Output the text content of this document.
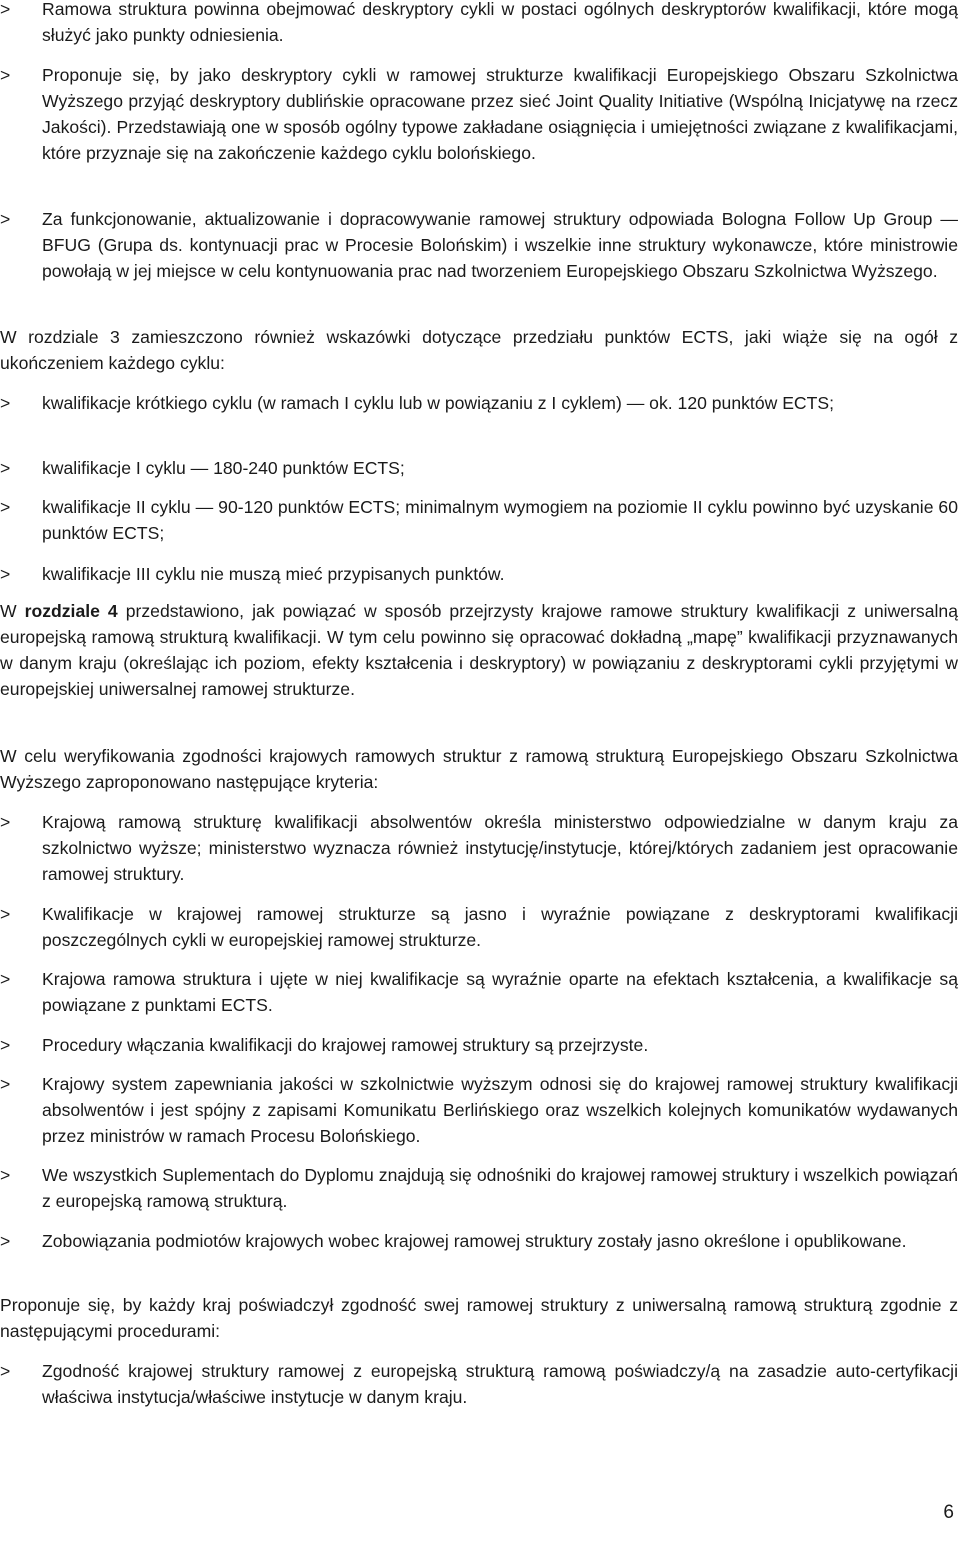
>	Ramowa struktura powinna obejmować deskryptory cykli w postaci ogólnych deskryptorów kwalifikacji, które mogą służyć jako punkty odniesienia.
>	Proponuje się, by jako deskryptory cykli w ramowej strukturze kwalifikacji Europejskiego Obszaru Szkolnictwa Wyższego przyjąć deskryptory dublińskie opracowane przez sieć Joint Quality Initiative (Wspólną Inicjatywę na rzecz Jakości). Przedstawiają one w sposób ogólny typowe zakładane osiągnięcia i umiejętności związane z kwalifikacjami, które przyznaje się na zakończenie każdego cyklu bolońskiego.
>	Za funkcjonowanie, aktualizowanie i dopracowywanie ramowej struktury odpowiada Bologna Follow Up Group — BFUG (Grupa ds. kontynuacji prac w Procesie Bolońskim) i wszelkie inne struktury wykonawcze, które ministrowie powołają w jej miejsce w celu kontynuowania prac nad tworzeniem Europejskiego Obszaru Szkolnictwa Wyższego.

W rozdziale 3 zamieszczono również wskazówki dotyczące przedziału punktów ECTS, jaki wiąże się na ogół z ukończeniem każdego cyklu:

>	kwalifikacje krótkiego cyklu (w ramach I cyklu lub w powiązaniu z I cyklem) — ok. 120 punktów ECTS;
>	kwalifikacje I cyklu — 180-240 punktów ECTS;
>	kwalifikacje II cyklu — 90-120 punktów ECTS; minimalnym wymogiem na poziomie II cyklu powinno być uzyskanie 60 punktów ECTS;
>	kwalifikacje III cyklu nie muszą mieć przypisanych punktów.

W rozdziale 4 przedstawiono, jak powiązać w sposób przejrzysty krajowe ramowe struktury kwalifikacji z uniwersalną europejską ramową strukturą kwalifikacji. W tym celu powinno się opracować dokładną „mapę” kwalifikacji przyznawanych w danym kraju (określając ich poziom, efekty kształcenia i deskryptory) w powiązaniu z deskryptorami cykli przyjętymi w europejskiej uniwersalnej ramowej strukturze.

W celu weryfikowania zgodności krajowych ramowych struktur z ramową strukturą Europejskiego Obszaru Szkolnictwa Wyższego zaproponowano następujące kryteria:

>	Krajową ramową strukturę kwalifikacji absolwentów określa ministerstwo odpowiedzialne w danym kraju za szkolnictwo wyższe; ministerstwo wyznacza również instytucję/instytucje, której/których zadaniem jest opracowanie ramowej struktury.
>	Kwalifikacje w krajowej ramowej strukturze są jasno i wyraźnie powiązane z deskryptorami kwalifikacji poszczególnych cykli w europejskiej ramowej strukturze.
>	Krajowa ramowa struktura i ujęte w niej kwalifikacje są wyraźnie oparte na efektach kształcenia, a kwalifikacje są powiązane z punktami ECTS.
>	Procedury włączania kwalifikacji do krajowej ramowej struktury są przejrzyste.
>	Krajowy system zapewniania jakości w szkolnictwie wyższym odnosi się do krajowej ramowej struktury kwalifikacji absolwentów i jest spójny z zapisami Komunikatu Berlińskiego oraz wszelkich kolejnych komunikatów wydawanych przez ministrów w ramach Procesu Bolońskiego.
>	We wszystkich Suplementach do Dyplomu znajdują się odnośniki do krajowej ramowej struktury i wszelkich powiązań z europejską ramową strukturą.
>	Zobowiązania podmiotów krajowych wobec krajowej ramowej struktury zostały jasno określone i opublikowane.

Proponuje się, by każdy kraj poświadczył zgodność swej ramowej struktury z uniwersalną ramową strukturą zgodnie z następującymi procedurami:

>	Zgodność krajowej struktury ramowej z europejską strukturą ramową poświadczy/ą na zasadzie auto-certyfikacji właściwa instytucja/właściwe instytucje w danym kraju.
6
